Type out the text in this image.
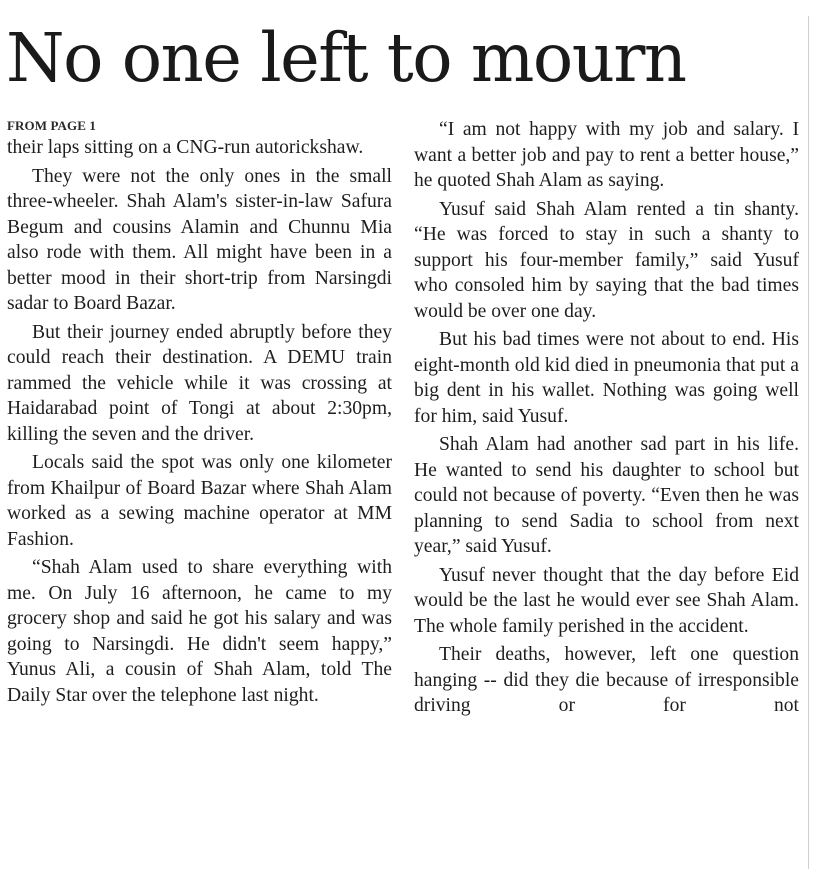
No one left to mourn
FROM PAGE 1

their laps sitting on a CNG-run autorickshaw.

They were not the only ones in the small three-wheeler. Shah Alam's sister-in-law Safura Begum and cousins Alamin and Chunnu Mia also rode with them. All might have been in a better mood in their short-trip from Narsingdi sadar to Board Bazar.

But their journey ended abruptly before they could reach their destination. A DEMU train rammed the vehicle while it was crossing at Haidarabad point of Tongi at about 2:30pm, killing the seven and the driver.

Locals said the spot was only one kilometer from Khailpur of Board Bazar where Shah Alam worked as a sewing machine operator at MM Fashion.

“Shah Alam used to share everything with me. On July 16 afternoon, he came to my grocery shop and said he got his salary and was going to Narsingdi. He didn't seem happy,” Yunus Ali, a cousin of Shah Alam, told The Daily Star over the telephone last night.

“I am not happy with my job and salary. I want a better job and pay to rent a better house,” he quoted Shah Alam as saying.

Yusuf said Shah Alam rented a tin shanty. “He was forced to stay in such a shanty to support his four-member family,” said Yusuf who consoled him by saying that the bad times would be over one day.

But his bad times were not about to end. His eight-month old kid died in pneumonia that put a big dent in his wallet. Nothing was going well for him, said Yusuf.

Shah Alam had another sad part in his life. He wanted to send his daughter to school but could not because of poverty. “Even then he was planning to send Sadia to school from next year,” said Yusuf.

Yusuf never thought that the day before Eid would be the last he would ever see Shah Alam. The whole family perished in the accident.

Their deaths, however, left one question hanging -- did they die because of irresponsible driving or for not
